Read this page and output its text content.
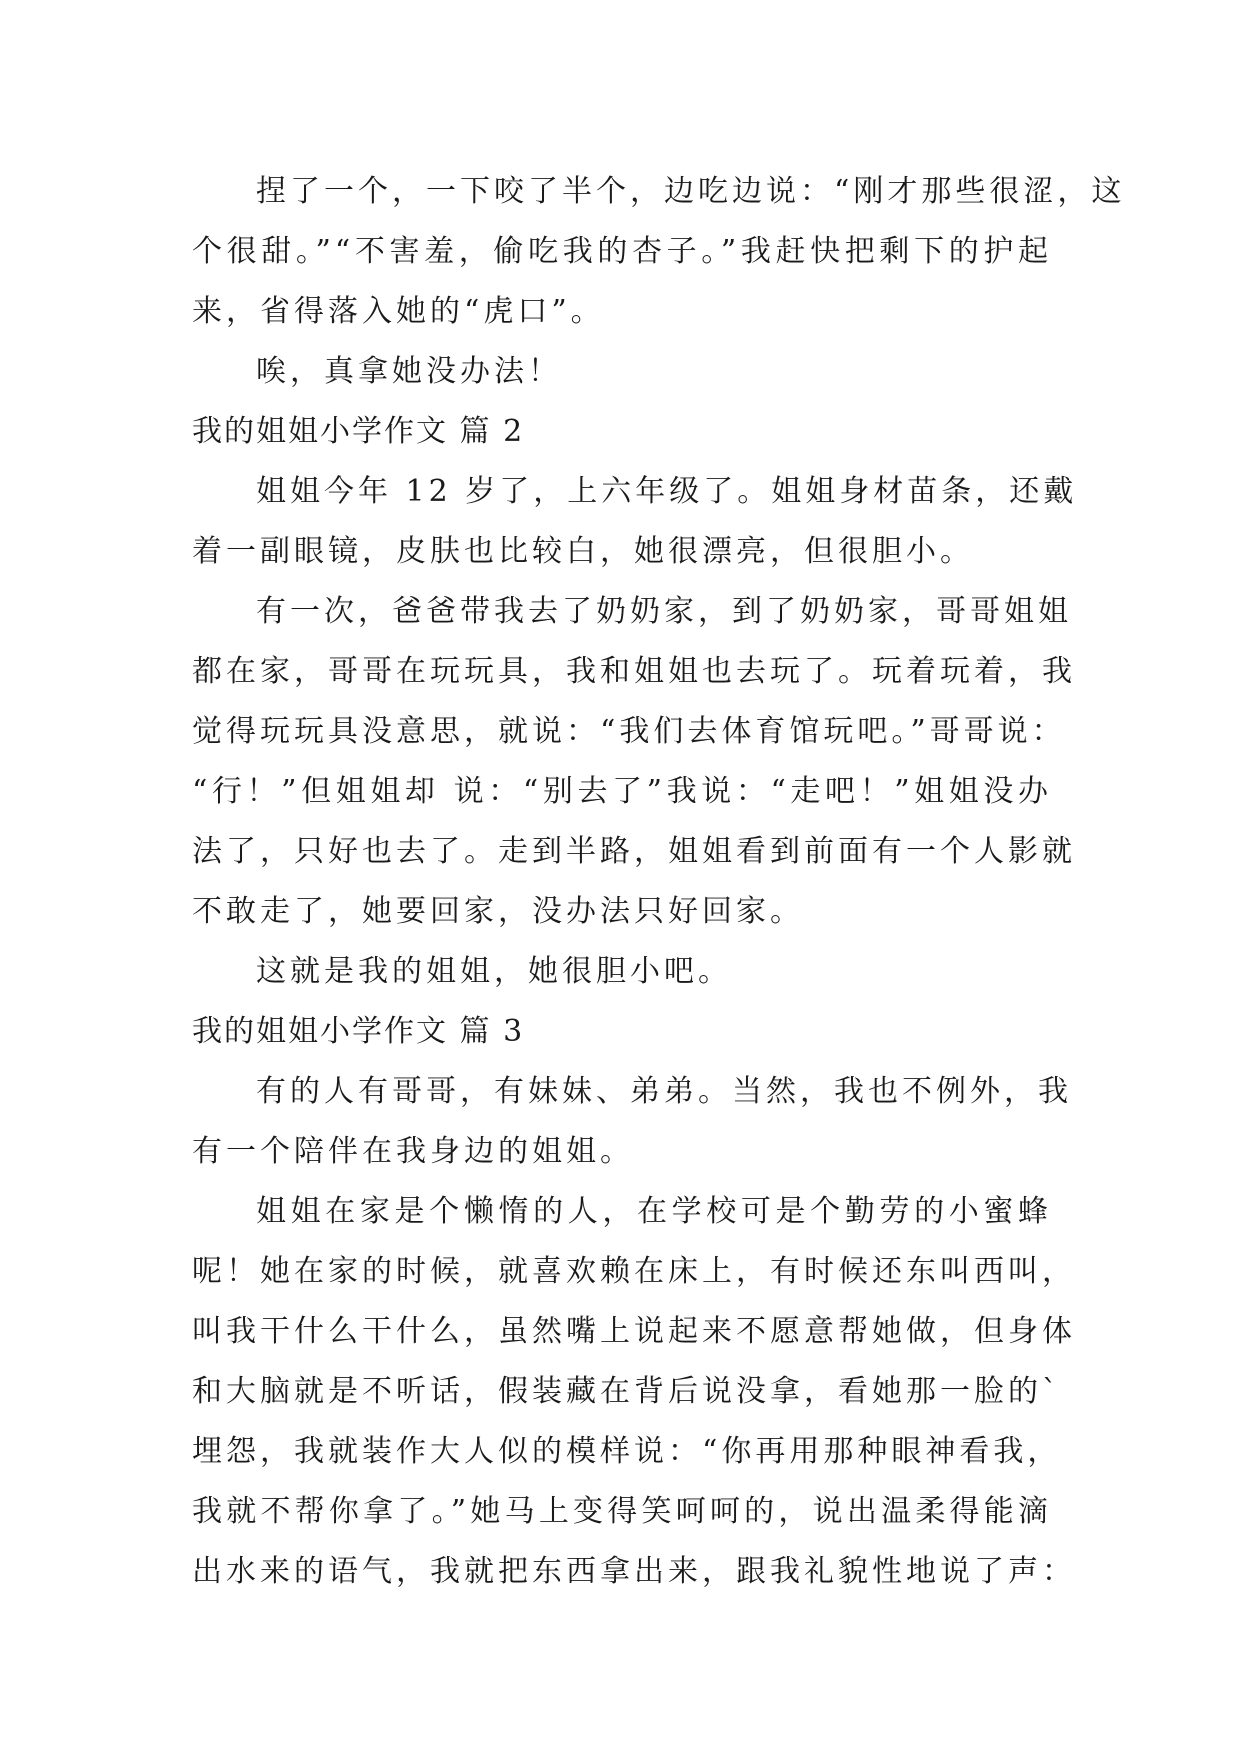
捏了一个，一下咬了半个，边吃边说：“刚才那些很涩，这
个很甜。”“不害羞，偷吃我的杏子。”我赶快把剩下的护起
来，省得落入她的“虎口”。
唉，真拿她没办法！
我的姐姐小学作文 篇 2
姐姐今年 12 岁了，上六年级了。姐姐身材苗条，还戴
着一副眼镜，皮肤也比较白，她很漂亮，但很胆小。
有一次，爸爸带我去了奶奶家，到了奶奶家，哥哥姐姐
都在家，哥哥在玩玩具，我和姐姐也去玩了。玩着玩着，我
觉得玩玩具没意思，就说：“我们去体育馆玩吧。”哥哥说：
“行！”但姐姐却 说：“别去了”我说：“走吧！”姐姐没办
法了，只好也去了。走到半路，姐姐看到前面有一个人影就
不敢走了，她要回家，没办法只好回家。
这就是我的姐姐，她很胆小吧。
我的姐姐小学作文 篇 3
有的人有哥哥，有妹妹、弟弟。当然，我也不例外，我
有一个陪伴在我身边的姐姐。
姐姐在家是个懒惰的人，在学校可是个勤劳的小蜜蜂
呢！她在家的时候，就喜欢赖在床上，有时候还东叫西叫，
叫我干什么干什么，虽然嘴上说起来不愿意帮她做，但身体
和大脑就是不听话，假装藏在背后说没拿，看她那一脸的`
埋怨，我就装作大人似的模样说：“你再用那种眼神看我，
我就不帮你拿了。”她马上变得笑呵呵的，说出温柔得能滴
出水来的语气，我就把东西拿出来，跟我礼貌性地说了声：
